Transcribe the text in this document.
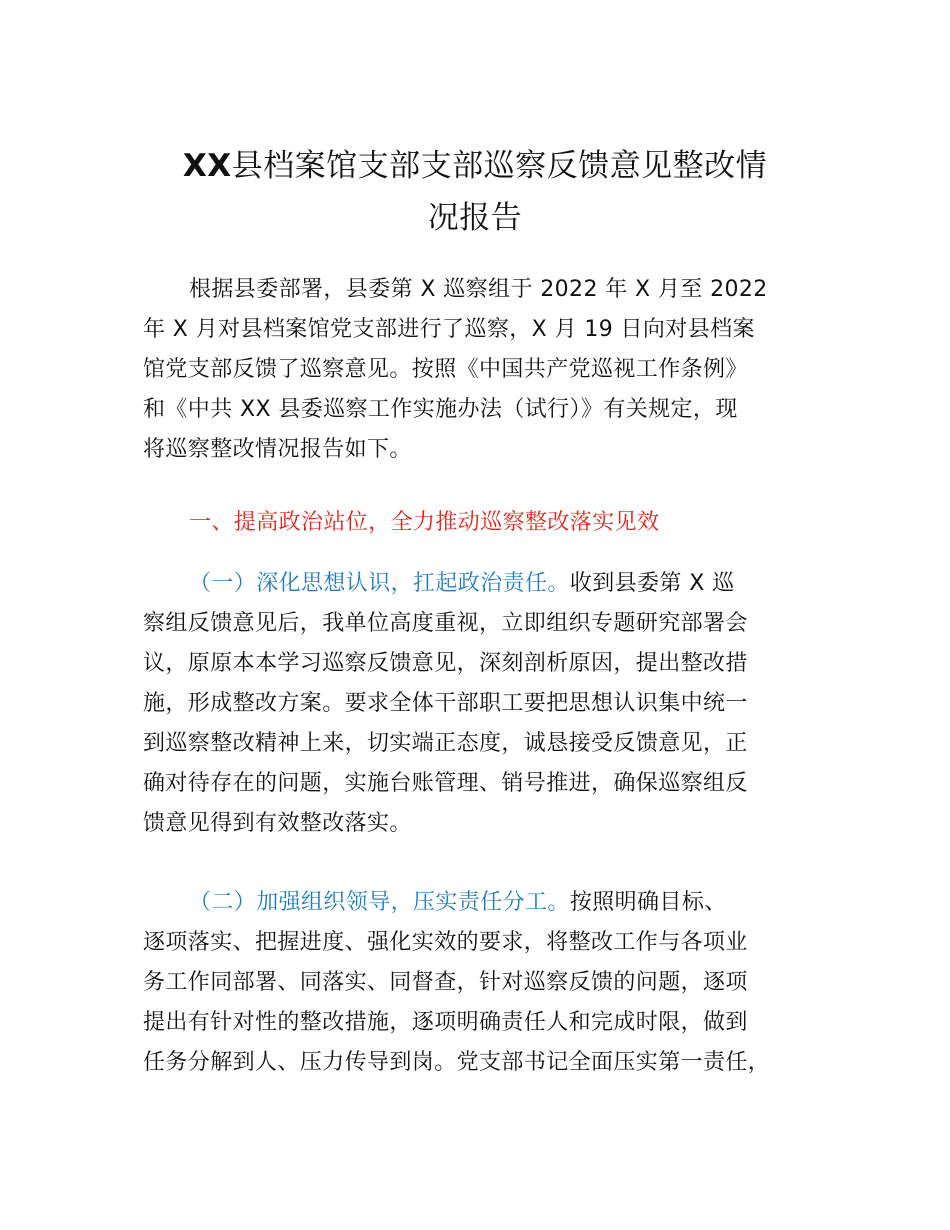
XX县档案馆支部支部巡察反馈意见整改情
况报告
根据县委部署，县委第 X 巡察组于 2022 年 X 月至 2022
年 X 月对县档案馆党支部进行了巡察，X 月 19 日向对县档案
馆党支部反馈了巡察意见。按照《中国共产党巡视工作条例》
和《中共 XX 县委巡察工作实施办法（试行）》有关规定，现
将巡察整改情况报告如下。
一、提高政治站位，全力推动巡察整改落实见效
（一）深化思想认识，扛起政治责任。收到县委第 X 巡
察组反馈意见后，我单位高度重视，立即组织专题研究部署会
议，原原本本学习巡察反馈意见，深刻剖析原因，提出整改措
施，形成整改方案。要求全体干部职工要把思想认识集中统一
到巡察整改精神上来，切实端正态度，诚恳接受反馈意见，正
确对待存在的问题，实施台账管理、销号推进，确保巡察组反
馈意见得到有效整改落实。
（二）加强组织领导，压实责任分工。按照明确目标、
逐项落实、把握进度、强化实效的要求，将整改工作与各项业
务工作同部署、同落实、同督查，针对巡察反馈的问题，逐项
提出有针对性的整改措施，逐项明确责任人和完成时限，做到
任务分解到人、压力传导到岗。党支部书记全面压实第一责任，
